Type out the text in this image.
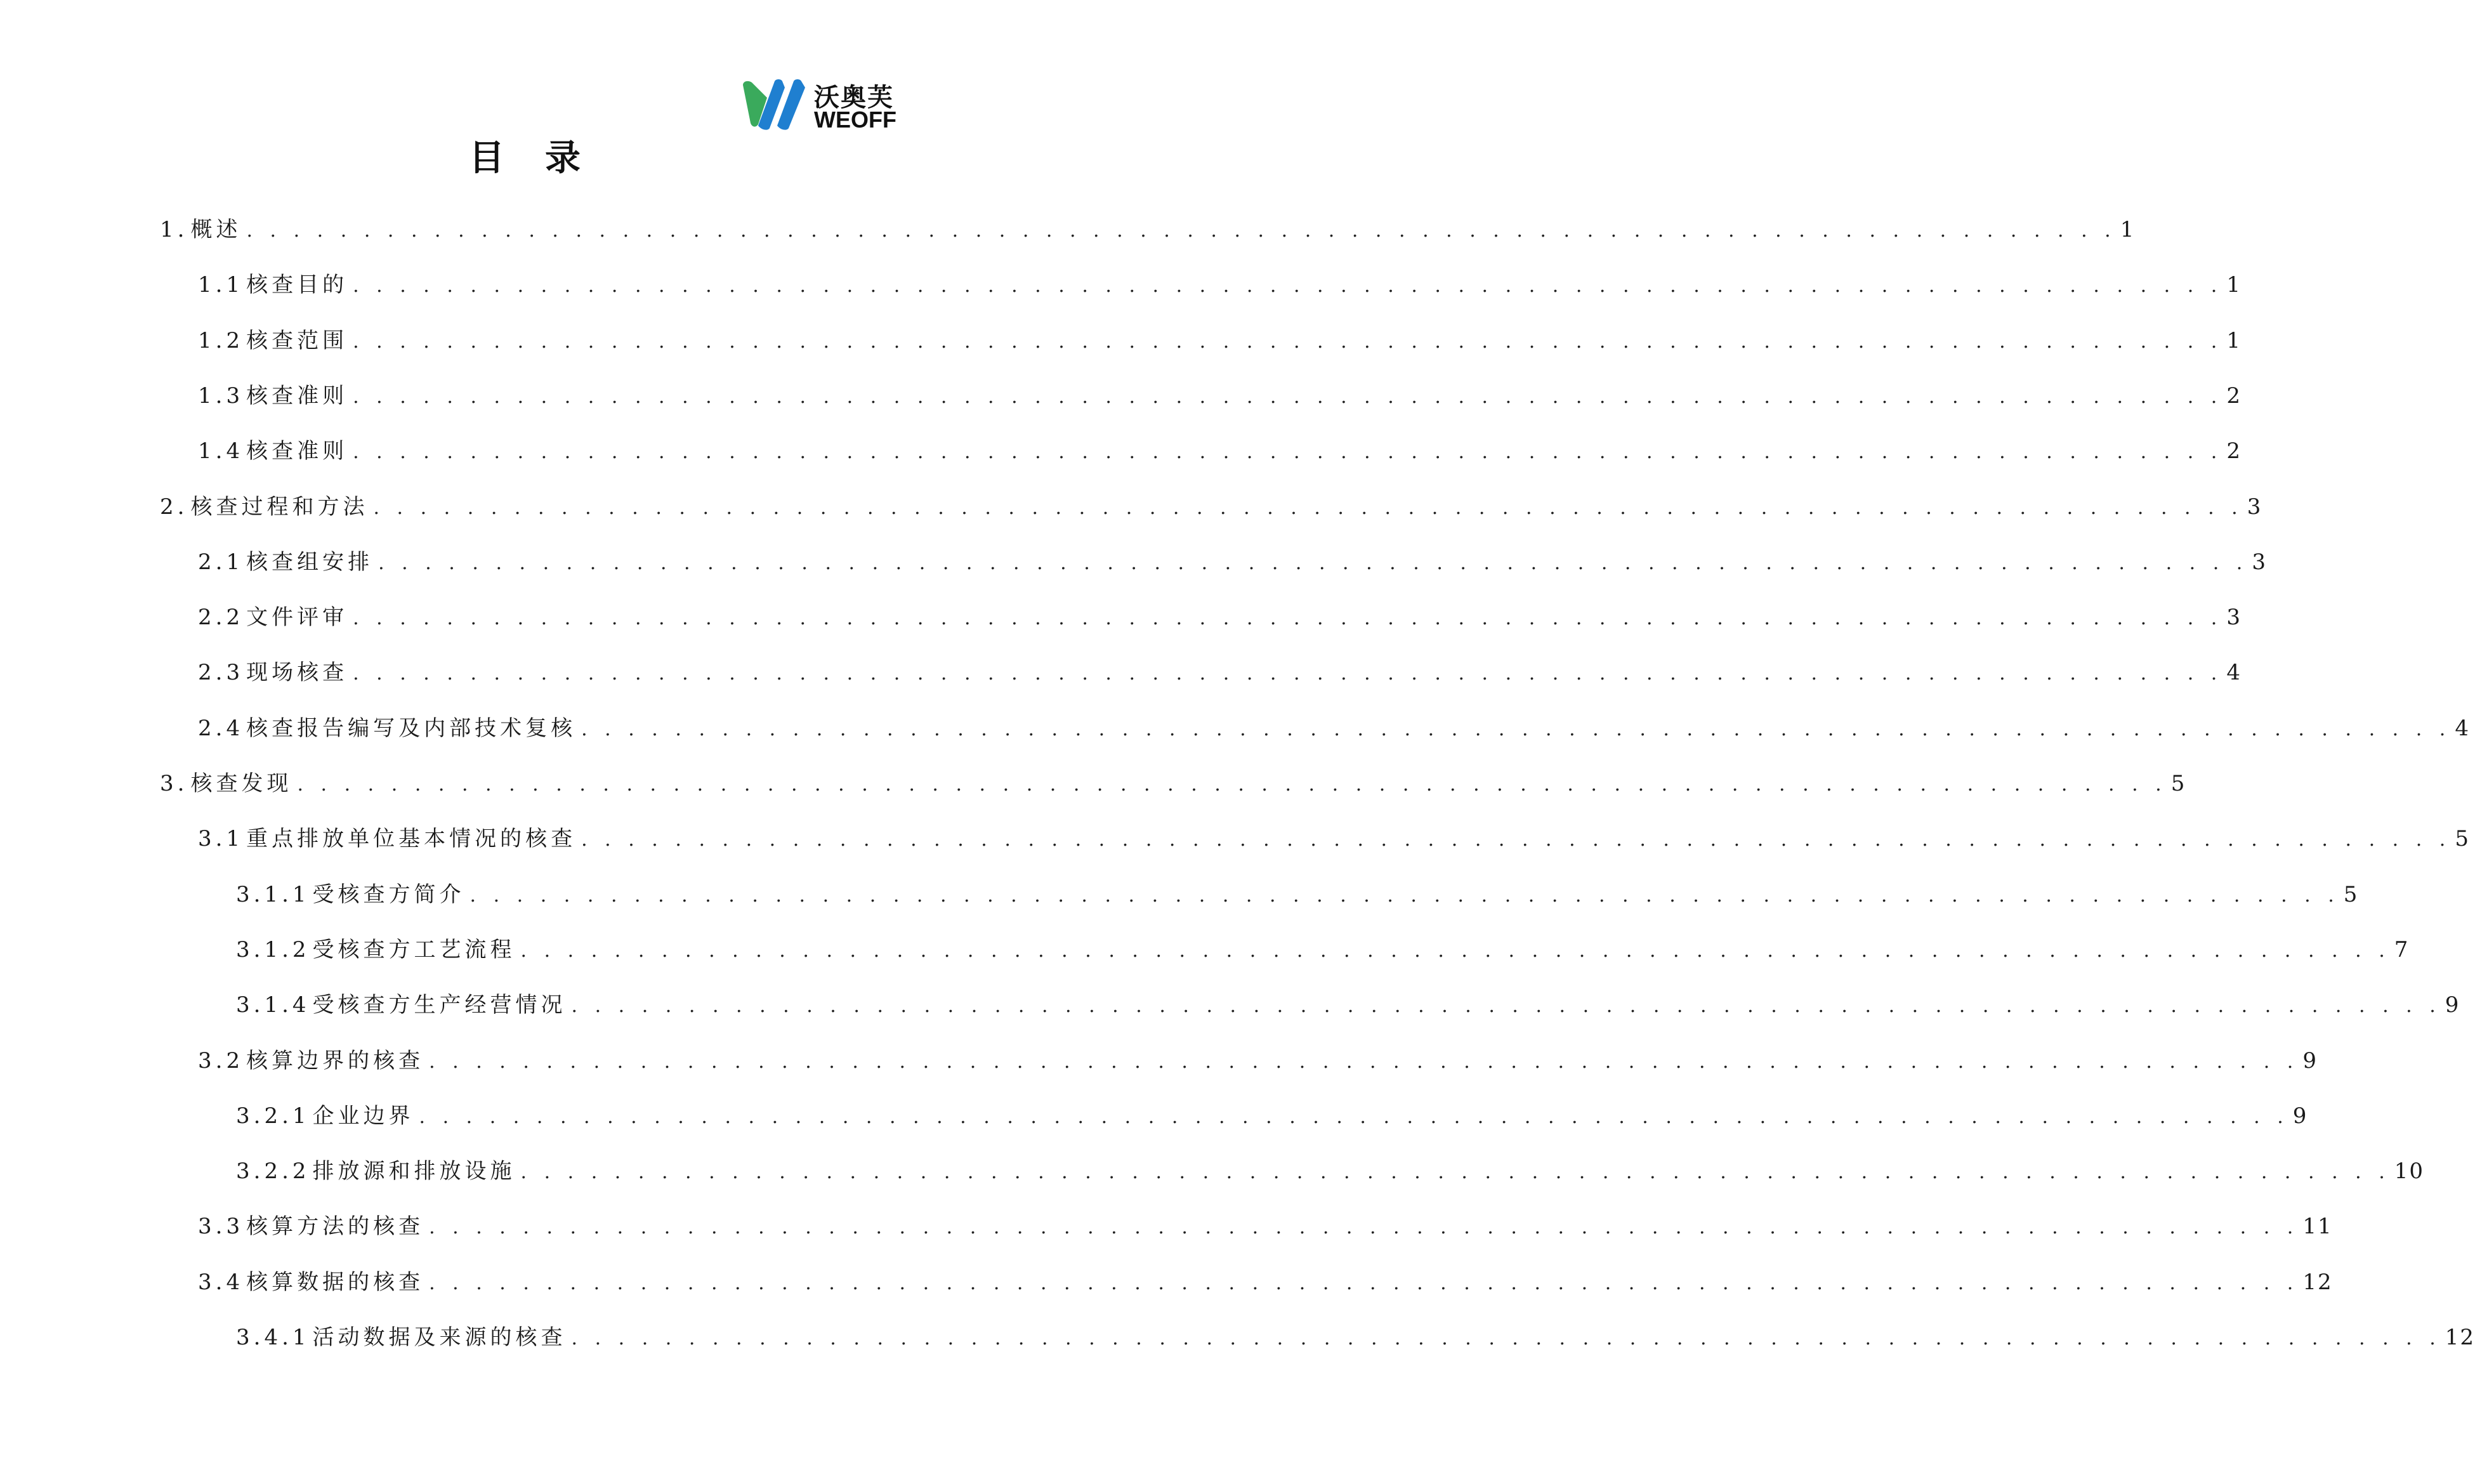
沃奥芙
WEOFF
目录
1. 概述 . . . . . . . . . . . . . . . . . . . . . . . . . . . . . . . . . . . . . . . . . . . . . . . . . . . . . . . . . . . . . . . . . . . . . . . . . . . . . . . . 1
1.1 核查目的 . . . . . . . . . . . . . . . . . . . . . . . . . . . . . . . . . . . . . . . . . . . . . . . . . . . . . . . . . . . . . . . . . . . . . . . . . . . . . . . . 1
1.2 核查范围 . . . . . . . . . . . . . . . . . . . . . . . . . . . . . . . . . . . . . . . . . . . . . . . . . . . . . . . . . . . . . . . . . . . . . . . . . . . . . . . . 1
1.3 核查准则 . . . . . . . . . . . . . . . . . . . . . . . . . . . . . . . . . . . . . . . . . . . . . . . . . . . . . . . . . . . . . . . . . . . . . . . . . . . . . . . . 2
1.4 核查准则 . . . . . . . . . . . . . . . . . . . . . . . . . . . . . . . . . . . . . . . . . . . . . . . . . . . . . . . . . . . . . . . . . . . . . . . . . . . . . . . . 2
2. 核查过程和方法 . . . . . . . . . . . . . . . . . . . . . . . . . . . . . . . . . . . . . . . . . . . . . . . . . . . . . . . . . . . . . . . . . . . . . . . . . . . . . . . . 3
2.1 核查组安排 . . . . . . . . . . . . . . . . . . . . . . . . . . . . . . . . . . . . . . . . . . . . . . . . . . . . . . . . . . . . . . . . . . . . . . . . . . . . . . . . 3
2.2 文件评审 . . . . . . . . . . . . . . . . . . . . . . . . . . . . . . . . . . . . . . . . . . . . . . . . . . . . . . . . . . . . . . . . . . . . . . . . . . . . . . . . 3
2.3 现场核查 . . . . . . . . . . . . . . . . . . . . . . . . . . . . . . . . . . . . . . . . . . . . . . . . . . . . . . . . . . . . . . . . . . . . . . . . . . . . . . . . 4
2.4 核查报告编写及内部技术复核 . . . . . . . . . . . . . . . . . . . . . . . . . . . . . . . . . . . . . . . . . . . . . . . . . . . . . . . . . . . . . . . . . . . . . . . . . . . . . . . . 4
3. 核查发现 . . . . . . . . . . . . . . . . . . . . . . . . . . . . . . . . . . . . . . . . . . . . . . . . . . . . . . . . . . . . . . . . . . . . . . . . . . . . . . . . 5
3.1 重点排放单位基本情况的核查 . . . . . . . . . . . . . . . . . . . . . . . . . . . . . . . . . . . . . . . . . . . . . . . . . . . . . . . . . . . . . . . . . . . . . . . . . . . . . . . . 5
3.1.1 受核查方简介 . . . . . . . . . . . . . . . . . . . . . . . . . . . . . . . . . . . . . . . . . . . . . . . . . . . . . . . . . . . . . . . . . . . . . . . . . . . . . . . . 5
3.1.2 受核查方工艺流程 . . . . . . . . . . . . . . . . . . . . . . . . . . . . . . . . . . . . . . . . . . . . . . . . . . . . . . . . . . . . . . . . . . . . . . . . . . . . . . . . 7
3.1.4 受核查方生产经营情况 . . . . . . . . . . . . . . . . . . . . . . . . . . . . . . . . . . . . . . . . . . . . . . . . . . . . . . . . . . . . . . . . . . . . . . . . . . . . . . . . 9
3.2 核算边界的核查 . . . . . . . . . . . . . . . . . . . . . . . . . . . . . . . . . . . . . . . . . . . . . . . . . . . . . . . . . . . . . . . . . . . . . . . . . . . . . . . . 9
3.2.1 企业边界 . . . . . . . . . . . . . . . . . . . . . . . . . . . . . . . . . . . . . . . . . . . . . . . . . . . . . . . . . . . . . . . . . . . . . . . . . . . . . . . . 9
3.2.2 排放源和排放设施 . . . . . . . . . . . . . . . . . . . . . . . . . . . . . . . . . . . . . . . . . . . . . . . . . . . . . . . . . . . . . . . . . . . . . . . . . . . . . . . . 10
3.3 核算方法的核查 . . . . . . . . . . . . . . . . . . . . . . . . . . . . . . . . . . . . . . . . . . . . . . . . . . . . . . . . . . . . . . . . . . . . . . . . . . . . . . . . 11
3.4 核算数据的核查 . . . . . . . . . . . . . . . . . . . . . . . . . . . . . . . . . . . . . . . . . . . . . . . . . . . . . . . . . . . . . . . . . . . . . . . . . . . . . . . . 12
3.4.1 活动数据及来源的核查 . . . . . . . . . . . . . . . . . . . . . . . . . . . . . . . . . . . . . . . . . . . . . . . . . . . . . . . . . . . . . . . . . . . . . . . . . . . . . . . . 12
